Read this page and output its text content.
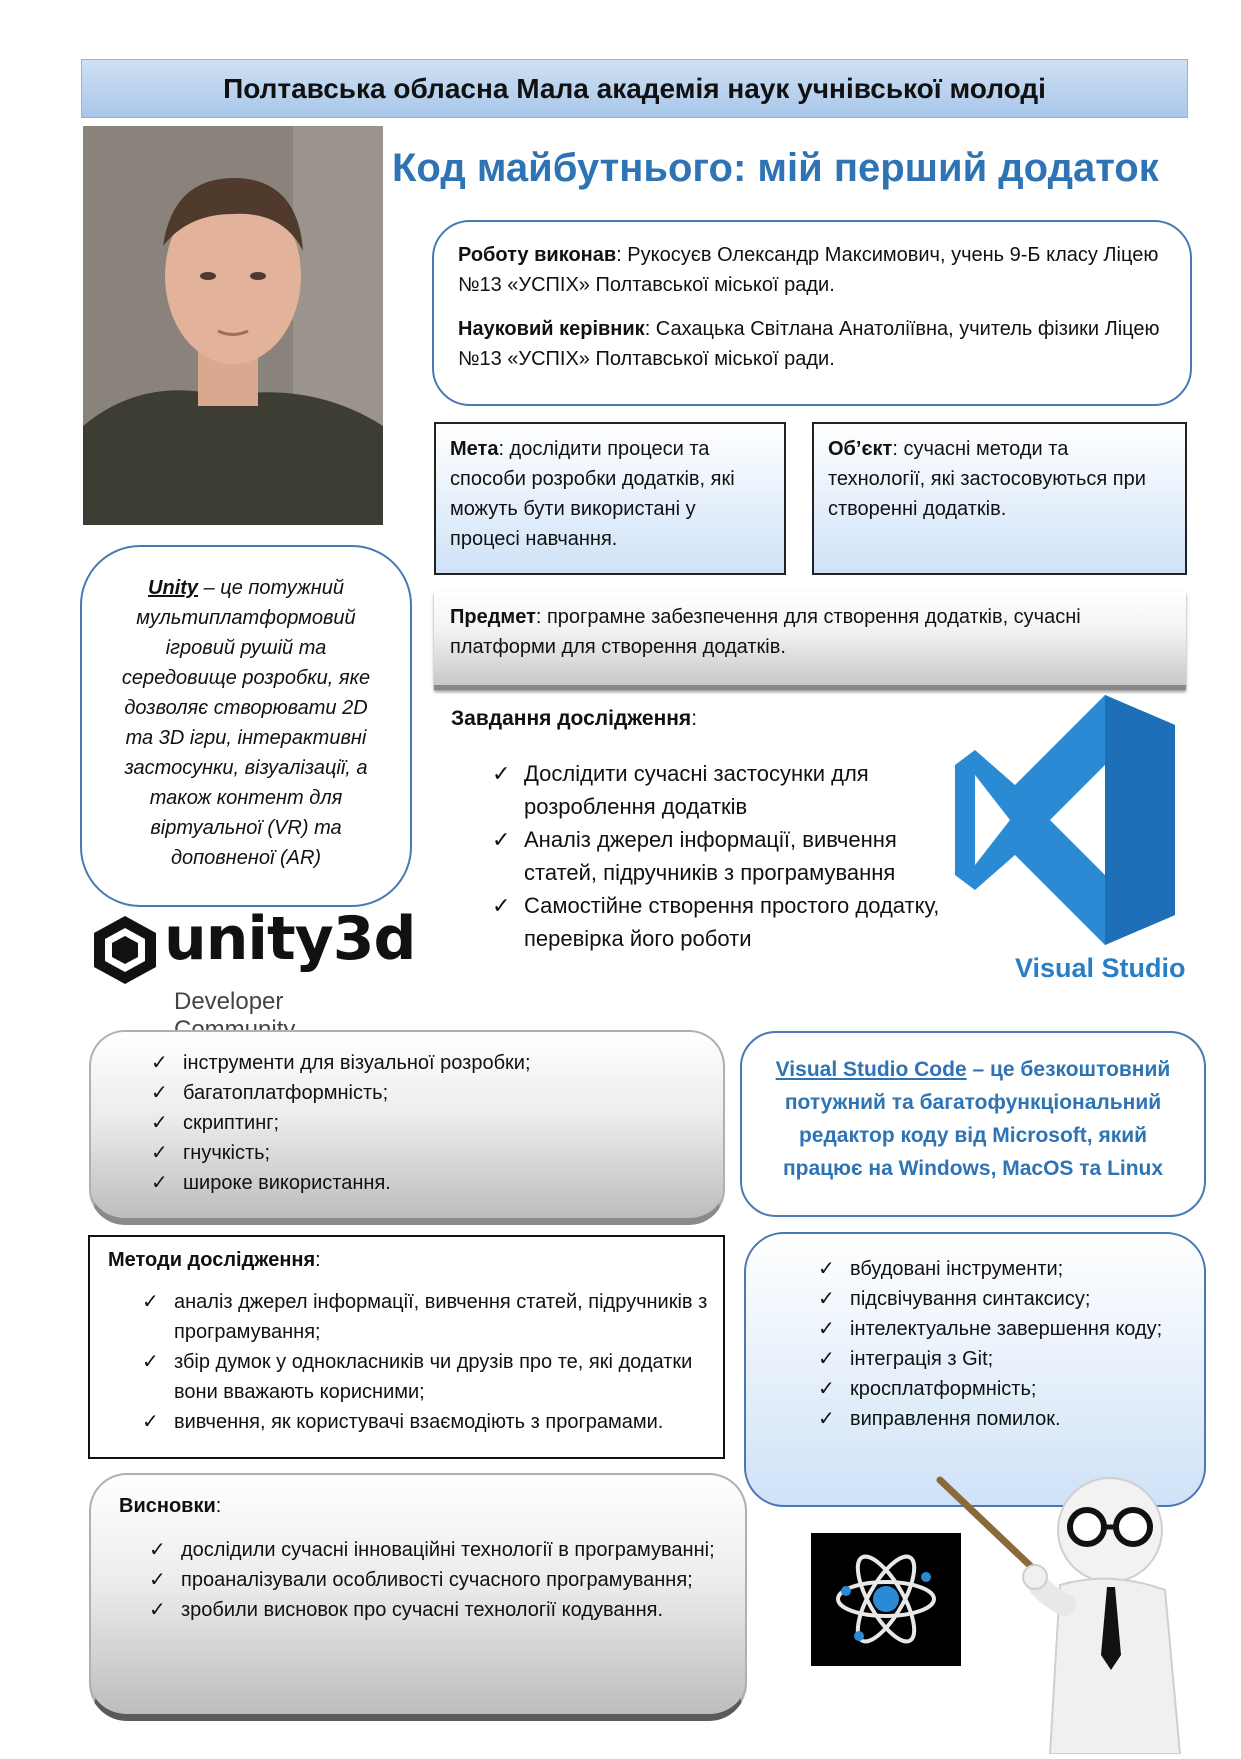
Полтавська обласна Мала академія наук учнівської молоді
Код майбутнього: мій перший додаток

Роботу виконав: Рукосуєв Олександр Максимович, учень 9-Б класу Ліцею №13 «УСПІХ» Полтавської міської ради.

Науковий керівник: Сахацька Світлана Анатоліївна, учитель фізики Ліцею №13 «УСПІХ» Полтавської міської ради.

Мета: дослідити процеси та способи розробки додатків, які можуть бути використані у процесі навчання.
Об’єкт: сучасні методи та технології, які застосовуються при створенні додатків.
Unity – це потужний мультиплатформовий ігровий рушій та середовище розробки, яке дозволяє створювати 2D та 3D ігри, інтерактивні застосунки, візуалізації, а також контент для віртуальної (VR) та доповненої (AR)
Предмет: програмне забезпечення для створення додатків, сучасні платформи для створення додатків.
Завдання дослідження:
✓ Дослідити сучасні застосунки для розроблення додатків
✓ Аналіз джерел інформації, вивчення статей, підручників з програмування
✓ Самостійне створення простого додатку, перевірка його роботи
Visual Studio
unity3d
Developer
✓ інструменти для візуальної розробки;
✓ багатоплатформність;
✓ скриптинг;
✓ гнучкість;
✓ широке використання.
Visual Studio Code – це безкоштовний потужний та багатофункціональний редактор коду від Microsoft, який працює на Windows, MacOS та Linux
Методи дослідження:
✓ аналіз джерел інформації, вивчення статей, підручників з програмування;
✓ збір думок у однокласників чи друзів про те, які додатки вони вважають корисними;
✓ вивчення, як користувачі взаємодіють з програмами.
✓ вбудовані інструменти;
✓ підсвічування синтаксису;
✓ інтелектуальне завершення коду;
✓ інтеграція з Git;
✓ кросплатформність;
✓ виправлення помилок.
Висновки:
✓ дослідили сучасні інноваційні технології в програмуванні;
✓ проаналізували особливості сучасного програмування;
✓ зробили висновок про сучасні технології кодування.
